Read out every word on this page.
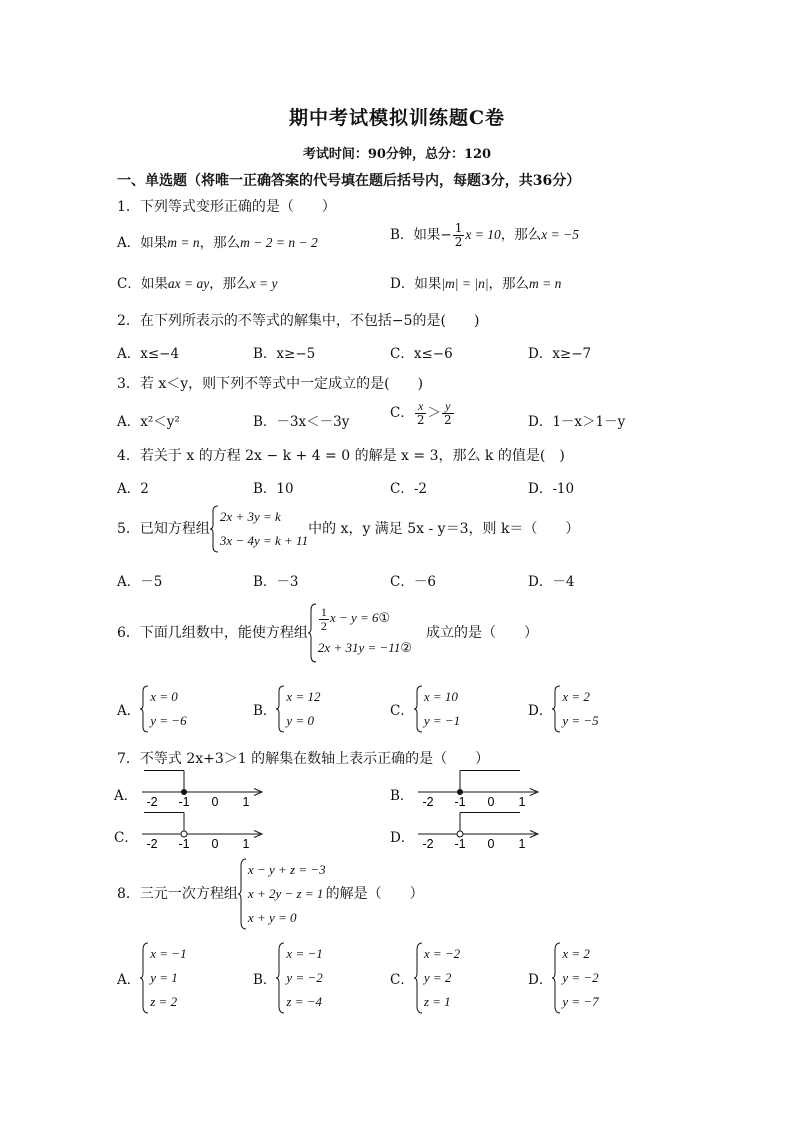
期中考试模拟训练题C卷
考试时间：90分钟，总分：120
一、单选题（将唯一正确答案的代号填在题后括号内，每题3分，共36分）
1．下列等式变形正确的是（　　）
A．如果m = n，那么m − 2 = n − 2	B．如果− $\frac{1}{2}$ x = 10，那么x = −5
C．如果ax = ay，那么x = y	D．如果|m| = |n|，那么m = n
2．在下列所表示的不等式的解集中，不包括−5的是(　　)
A．x≤−4	B．x≥−5	C．x≤−6	D．x≥−7
3．若 x＜y，则下列不等式中一定成立的是(　　)
A．x²＜y²	B．－3x＜－3y
C． $\frac{x}{2} > \frac{y}{2}$	D．1－x＞1－y
4．若关于 x 的方程 2x − k + 4 = 0 的解是 x = 3，那么 k 的值是(　)
A．2	B．10	C．-2	D．-10
5．已知方程组
2x + 3y = k
3x − 4y = k + 11
中的 x，y 满足 5x - y＝3，则 k＝（　　）
A．－5	B．－3	C．－6	D．－4
6．下面几组数中，能使方程组
$\frac{1}{2}$ x − y = 6①
2x + 31y = −11②
　成立的是（　　）
A．
x = 0
y = −6
B．
x = 12
y = 0
C．
x = 10
y = −1
D．
x = 2
y = −5
7．不等式 2x+3＞1 的解集在数轴上表示正确的是（　　）
A． -2 -1 0 1	B． -2 -1 0 1
C． -2 -1 0 1	D． -2 -1 0 1
8．三元一次方程组
x − y + z = −3
x + 2y − z = 1
x + y = 0
的解是（　　）
A．
x = −1
y = 1
z = 2
B．
x = −1
y = −2
z = −4
C．
x = −2
y = 2
z = 1
D．
x = 2
y = −2
y = −7
